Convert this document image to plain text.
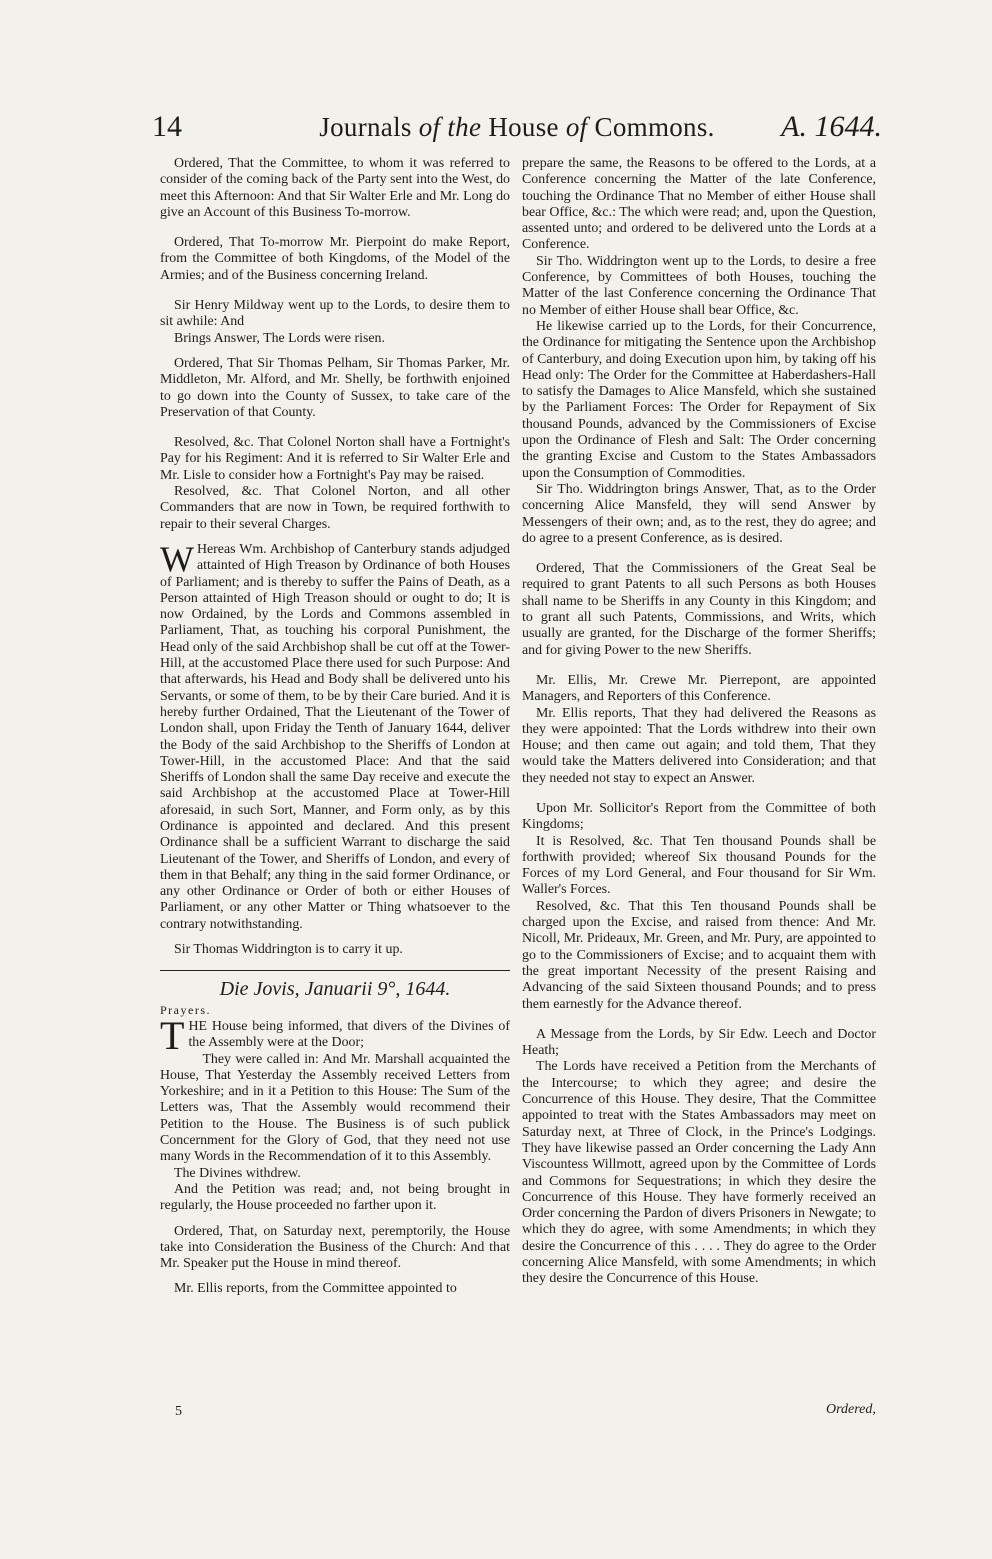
14	Journals of the House of Commons.	A. 1644.

Ordered, That the Committee, to whom it was referred to consider of the coming back of the Party sent into the West, do meet this Afternoon: And that Sir Walter Erle and Mr. Long do give an Account of this Business To-morrow.

Ordered, That To-morrow Mr. Pierpoint do make Report, from the Committee of both Kingdoms, of the Model of the Armies; and of the Business concerning Ireland.

Sir Henry Mildway went up to the Lords, to desire them to sit awhile: And

Brings Answer, The Lords were risen.

Ordered, That Sir Thomas Pelham, Sir Thomas Parker, Mr. Middleton, Mr. Alford, and Mr. Shelly, be forthwith enjoined to go down into the County of Sussex, to take care of the Preservation of that County.

Resolved, &c. That Colonel Norton shall have a Fortnight's Pay for his Regiment: And it is referred to Sir Walter Erle and Mr. Lisle to consider how a Fortnight's Pay may be raised.

Resolved, &c. That Colonel Norton, and all other Commanders that are now in Town, be required forthwith to repair to their several Charges.

W Hereas Wm. Archbishop of Canterbury stands adjudged attainted of High Treason by Ordinance of both Houses of Parliament; and is thereby to suffer the Pains of Death, as a Person attainted of High Treason should or ought to do; It is now Ordained, by the Lords and Commons assembled in Parliament, That, as touching his corporal Punishment, the Head only of the said Archbishop shall be cut off at the Tower-Hill, at the accustomed Place there used for such Purpose: And that afterwards, his Head and Body shall be delivered unto his Servants, or some of them, to be by their Care buried. And it is hereby further Ordained, That the Lieutenant of the Tower of London shall, upon Friday the Tenth of January 1644, deliver the Body of the said Archbishop to the Sheriffs of London at Tower-Hill, in the accustomed Place: And that the said Sheriffs of London shall the same Day receive and execute the said Archbishop at the accustomed Place at Tower-Hill aforesaid, in such Sort, Manner, and Form only, as by this Ordinance is appointed and declared. And this present Ordinance shall be a sufficient Warrant to discharge the said Lieutenant of the Tower, and Sheriffs of London, and every of them in that Behalf; any thing in the said former Ordinance, or any other Ordinance or Order of both or either Houses of Parliament, or any other Matter or Thing whatsoever to the contrary notwithstanding.

Sir Thomas Widdrington is to carry it up.

Die Jovis, Januarii 9°, 1644.
Prayers.

THE House being informed, that divers of the Divines of the Assembly were at the Door;

They were called in: And Mr. Marshall acquainted the House, That Yesterday the Assembly received Letters from Yorkeshire; and in it a Petition to this House: The Sum of the Letters was, That the Assembly would recommend their Petition to the House. The Business is of such publick Concernment for the Glory of God, that they need not use many Words in the Recommendation of it to this Assembly.

The Divines withdrew.

And the Petition was read; and, not being brought in regularly, the House proceeded no farther upon it.

Ordered, That, on Saturday next, peremptorily, the House take into Consideration the Business of the Church: And that Mr. Speaker put the House in mind thereof.

Mr. Ellis reports, from the Committee appointed to

prepare the same, the Reasons to be offered to the Lords, at a Conference concerning the Matter of the late Conference, touching the Ordinance That no Member of either House shall bear Office, &c.: The which were read; and, upon the Question, assented unto; and ordered to be delivered unto the Lords at a Conference.

Sir Tho. Widdrington went up to the Lords, to desire a free Conference, by Committees of both Houses, touching the Matter of the last Conference concerning the Ordinance That no Member of either House shall bear Office, &c.

He likewise carried up to the Lords, for their Concurrence, the Ordinance for mitigating the Sentence upon the Archbishop of Canterbury, and doing Execution upon him, by taking off his Head only: The Order for the Committee at Haberdashers-Hall to satisfy the Damages to Alice Mansfeld, which she sustained by the Parliament Forces: The Order for Repayment of Six thousand Pounds, advanced by the Commissioners of Excise upon the Ordinance of Flesh and Salt: The Order concerning the granting Excise and Custom to the States Ambassadors upon the Consumption of Commodities.

Sir Tho. Widdrington brings Answer, That, as to the Order concerning Alice Mansfeld, they will send Answer by Messengers of their own; and, as to the rest, they do agree; and do agree to a present Conference, as is desired.

Ordered, That the Commissioners of the Great Seal be required to grant Patents to all such Persons as both Houses shall name to be Sheriffs in any County in this Kingdom; and to grant all such Patents, Commissions, and Writs, which usually are granted, for the Discharge of the former Sheriffs; and for giving Power to the new Sheriffs.

Mr. Ellis, Mr. Crewe Mr. Pierrepont, are appointed Managers, and Reporters of this Conference.

Mr. Ellis reports, That they had delivered the Reasons as they were appointed: That the Lords withdrew into their own House; and then came out again; and told them, That they would take the Matters delivered into Consideration; and that they needed not stay to expect an Answer.

Upon Mr. Sollicitor's Report from the Committee of both Kingdoms;

It is Resolved, &c. That Ten thousand Pounds shall be forthwith provided; whereof Six thousand Pounds for the Forces of my Lord General, and Four thousand for Sir Wm. Waller's Forces.

Resolved, &c. That this Ten thousand Pounds shall be charged upon the Excise, and raised from thence: And Mr. Nicoll, Mr. Prideaux, Mr. Green, and Mr. Pury, are appointed to go to the Commissioners of Excise; and to acquaint them with the great important Necessity of the present Raising and Advancing of the said Sixteen thousand Pounds; and to press them earnestly for the Advance thereof.

A Message from the Lords, by Sir Edw. Leech and Doctor Heath;

The Lords have received a Petition from the Merchants of the Intercourse; to which they agree; and desire the Concurrence of this House. They desire, That the Committee appointed to treat with the States Ambassadors may meet on Saturday next, at Three of Clock, in the Prince's Lodgings. They have likewise passed an Order concerning the Lady Ann Viscountess Willmott, agreed upon by the Committee of Lords and Commons for Sequestrations; in which they desire the Concurrence of this House. They have formerly received an Order concerning the Pardon of divers Prisoners in Newgate; to which they do agree, with some Amendments; in which they desire the Concurrence of this . . . . They do agree to the Order concerning Alice Mansfeld, with some Amendments; in which they desire the Concurrence of this House.

5	Ordered,
